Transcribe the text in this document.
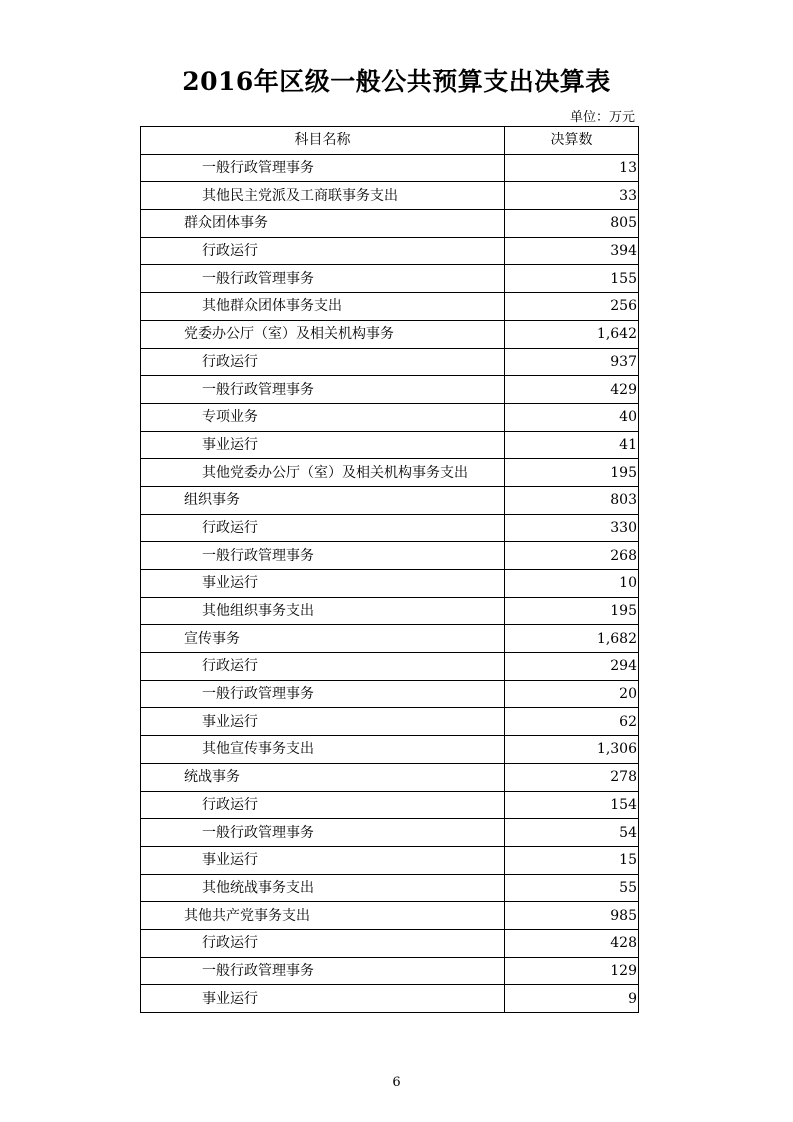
2016年区级一般公共预算支出决算表
单位：万元
科目名称	决算数
一般行政管理事务	13
其他民主党派及工商联事务支出	33
群众团体事务	805
行政运行	394
一般行政管理事务	155
其他群众团体事务支出	256
党委办公厅（室）及相关机构事务	1,642
行政运行	937
一般行政管理事务	429
专项业务	40
事业运行	41
其他党委办公厅（室）及相关机构事务支出	195
组织事务	803
行政运行	330
一般行政管理事务	268
事业运行	10
其他组织事务支出	195
宣传事务	1,682
行政运行	294
一般行政管理事务	20
事业运行	62
其他宣传事务支出	1,306
统战事务	278
行政运行	154
一般行政管理事务	54
事业运行	15
其他统战事务支出	55
其他共产党事务支出	985
行政运行	428
一般行政管理事务	129
事业运行	9
6
